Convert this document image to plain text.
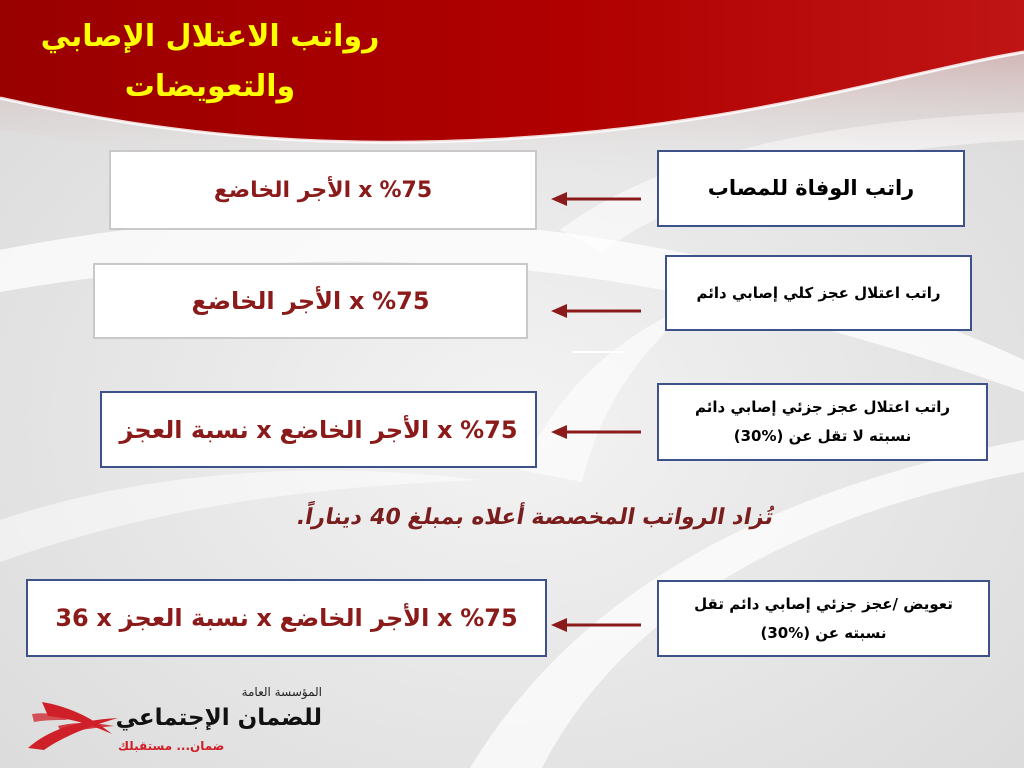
رواتب الاعتلال الإصابي
والتعويضات
راتب الوفاة للمصاب
%75
x
الأجر الخاضع
راتب اعتلال عجز كلي إصابي دائم
%75
x
الأجر الخاضع
راتب اعتلال عجز جزئي إصابي دائم
نسبته لا تقل عن (%30)
%75
x
الأجر الخاضع
x
نسبة العجز
تُزاد الرواتب المخصصة أعلاه بمبلغ 40 ديناراً.
تعويض /عجز جزئي إصابي دائم تقل
نسبته عن (%30)
%75
x
الأجر الخاضع
x
نسبة العجز
x
36
المؤسسة العامة
للضمان الإجتماعي
ضمان... مستقبلك
